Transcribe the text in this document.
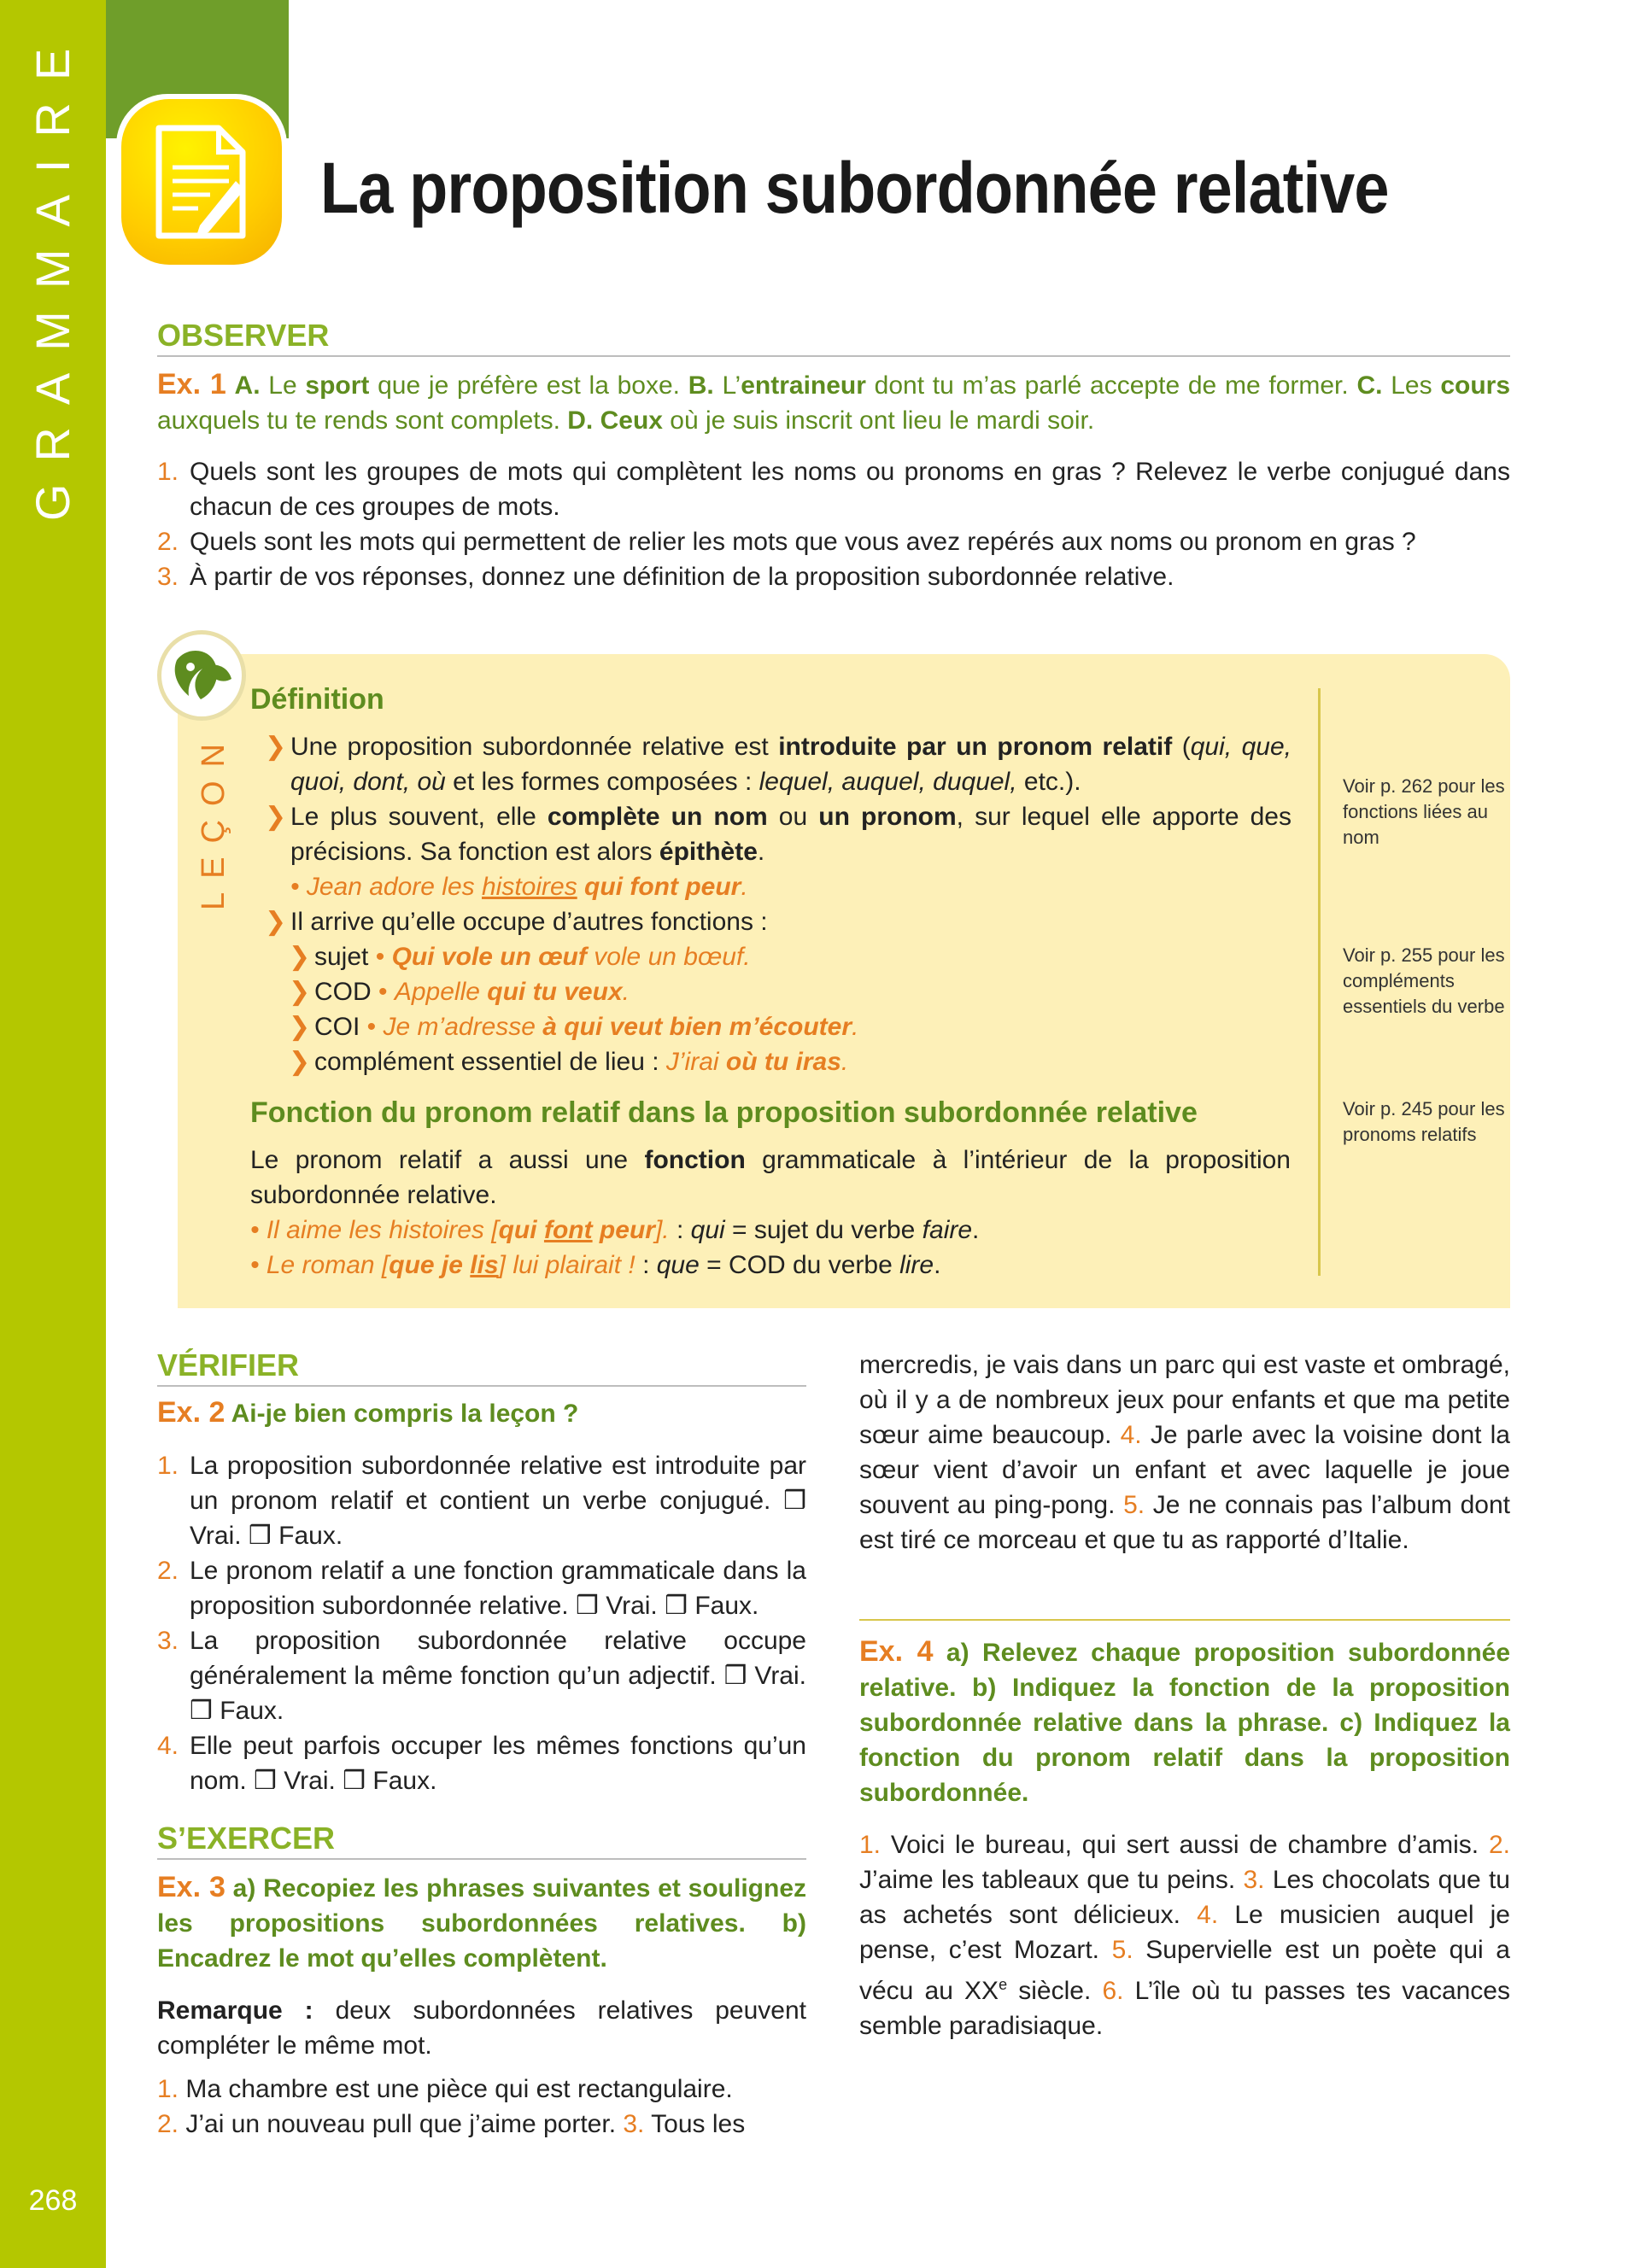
GRAMMAIRE
268
La proposition subordonnée relative
OBSERVER
Ex. 1 A. Le sport que je préfère est la boxe. B. L’entraineur dont tu m’as parlé accepte de me former. C. Les cours auxquels tu te rends sont complets. D. Ceux où je suis inscrit ont lieu le mardi soir.
1. Quels sont les groupes de mots qui complètent les noms ou pronoms en gras ? Relevez le verbe conjugué dans chacun de ces groupes de mots.
2. Quels sont les mots qui permettent de relier les mots que vous avez repérés aux noms ou pronom en gras ?
3. À partir de vos réponses, donnez une définition de la proposition subordonnée relative.
LEÇON
Définition
❯ Une proposition subordonnée relative est introduite par un pronom relatif (qui, que, quoi, dont, où et les formes composées : lequel, auquel, duquel, etc.).
❯ Le plus souvent, elle complète un nom ou un pronom, sur lequel elle apporte des précisions. Sa fonction est alors épithète.
• Jean adore les histoires qui font peur.
❯ Il arrive qu’elle occupe d’autres fonctions :
❯ sujet • Qui vole un œuf vole un bœuf.
❯ COD • Appelle qui tu veux.
❯ COI • Je m’adresse à qui veut bien m’écouter.
❯ complément essentiel de lieu : J’irai où tu iras.
Fonction du pronom relatif dans la proposition subordonnée relative
Le pronom relatif a aussi une fonction grammaticale à l’intérieur de la proposition subordonnée relative.
• Il aime les histoires [qui font peur]. : qui = sujet du verbe faire.
• Le roman [que je lis] lui plairait ! : que = COD du verbe lire.
Voir p. 262 pour les fonctions liées au nom
Voir p. 255 pour les compléments essentiels du verbe
Voir p. 245 pour les pronoms relatifs
VÉRIFIER
Ex. 2 Ai-je bien compris la leçon ?
1. La proposition subordonnée relative est introduite par un pronom relatif et contient un verbe conjugué. ❒ Vrai. ❒ Faux.
2. Le pronom relatif a une fonction grammaticale dans la proposition subordonnée relative. ❒ Vrai. ❒ Faux.
3. La proposition subordonnée relative occupe généralement la même fonction qu’un adjectif. ❒ Vrai. ❒ Faux.
4. Elle peut parfois occuper les mêmes fonctions qu’un nom. ❒ Vrai. ❒ Faux.
S’EXERCER
Ex. 3 a) Recopiez les phrases suivantes et soulignez les propositions subordonnées relatives. b) Encadrez le mot qu’elles complètent.
Remarque : deux subordonnées relatives peuvent compléter le même mot.
1. Ma chambre est une pièce qui est rectangulaire.
2. J’ai un nouveau pull que j’aime porter. 3. Tous les
mercredis, je vais dans un parc qui est vaste et ombragé, où il y a de nombreux jeux pour enfants et que ma petite sœur aime beaucoup. 4. Je parle avec la voisine dont la sœur vient d’avoir un enfant et avec laquelle je joue souvent au ping-pong. 5. Je ne connais pas l’album dont est tiré ce morceau et que tu as rapporté d’Italie.
Ex. 4 a) Relevez chaque proposition subordonnée relative. b) Indiquez la fonction de la proposition subordonnée relative dans la phrase. c) Indiquez la fonction du pronom relatif dans la proposition subordonnée.
1. Voici le bureau, qui sert aussi de chambre d’amis. 2. J’aime les tableaux que tu peins. 3. Les chocolats que tu as achetés sont délicieux. 4. Le musicien auquel je pense, c’est Mozart. 5. Supervielle est un poète qui a vécu au XXe siècle. 6. L’île où tu passes tes vacances semble paradisiaque.
